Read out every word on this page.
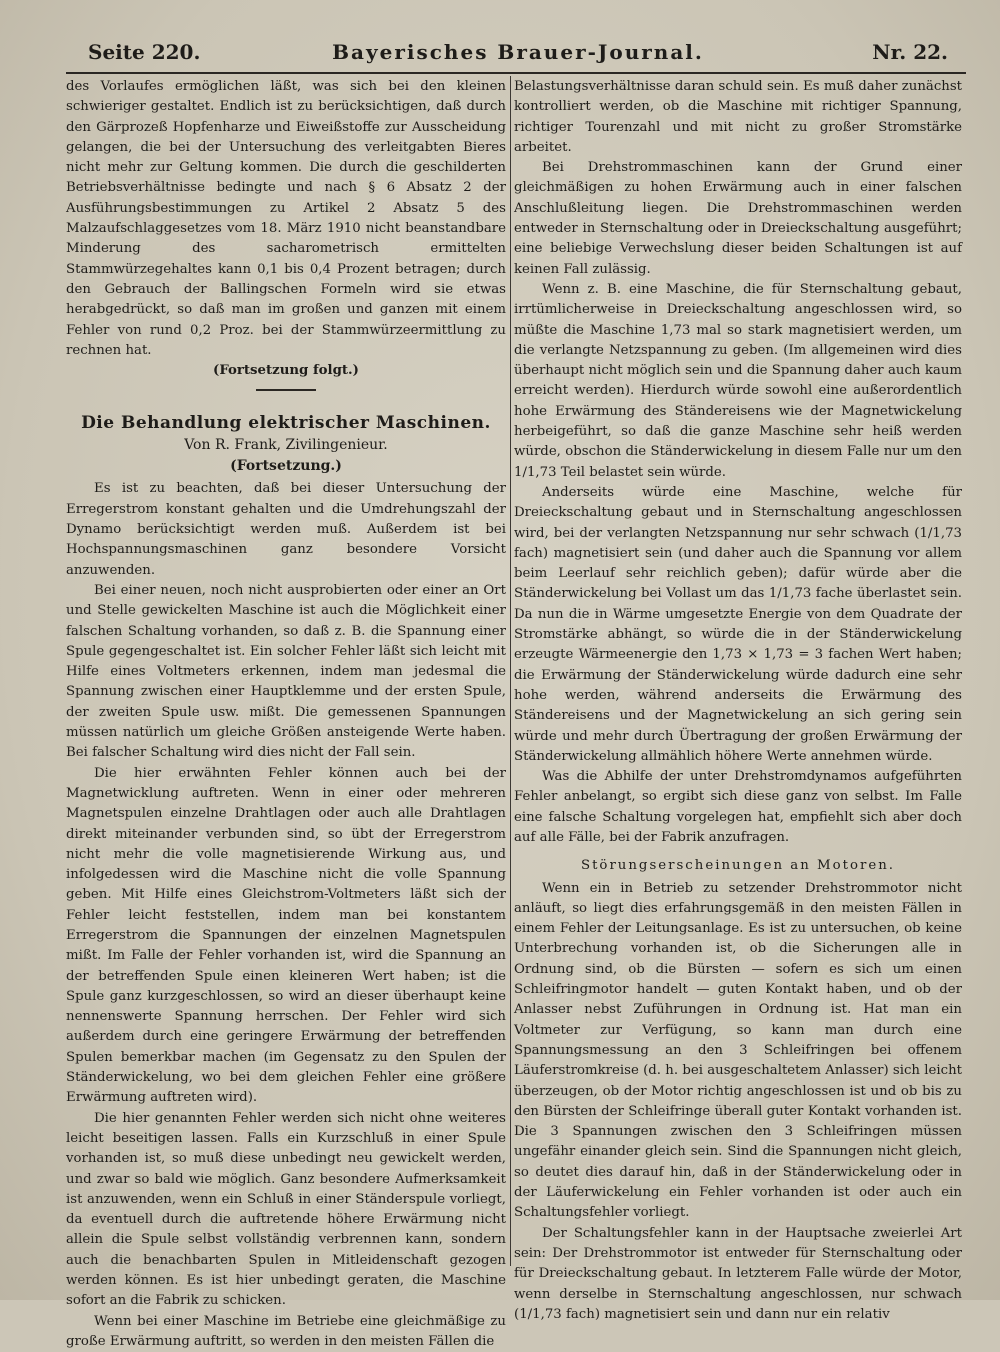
Seite 220.	Bayerisches Brauer-Journal.	Nr. 22.

des Vorlaufes ermöglichen läßt, was sich bei den kleinen schwieriger gestaltet. Endlich ist zu berücksichtigen, daß durch den Gärprozeß Hopfenharze und Eiweißstoffe zur Ausscheidung gelangen, die bei der Untersuchung des verleitgabten Bieres nicht mehr zur Geltung kommen. Die durch die geschilderten Betriebsverhältnisse bedingte und nach § 6 Absatz 2 der Ausführungsbestimmungen zu Artikel 2 Absatz 5 des Malzaufschlaggesetzes vom 18. März 1910 nicht beanstandbare Minderung des sacharometrisch ermittelten Stammwürzegehaltes kann 0,1 bis 0,4 Prozent betragen; durch den Gebrauch der Ballingschen Formeln wird sie etwas herabgedrückt, so daß man im großen und ganzen mit einem Fehler von rund 0,2 Proz. bei der Stammwürzeermittlung zu rechnen hat.

(Fortsetzung folgt.)
Die Behandlung elektrischer Maschinen.
Von R. Frank, Zivilingenieur.
(Fortsetzung.)

Es ist zu beachten, daß bei dieser Untersuchung der Erregerstrom konstant gehalten und die Umdrehungszahl der Dynamo berücksichtigt werden muß. Außerdem ist bei Hochspannungsmaschinen ganz besondere Vorsicht anzuwenden.

Bei einer neuen, noch nicht ausprobierten oder einer an Ort und Stelle gewickelten Maschine ist auch die Möglichkeit einer falschen Schaltung vorhanden, so daß z. B. die Spannung einer Spule gegengeschaltet ist. Ein solcher Fehler läßt sich leicht mit Hilfe eines Voltmeters erkennen, indem man jedesmal die Spannung zwischen einer Hauptklemme und der ersten Spule, der zweiten Spule usw. mißt. Die gemessenen Spannungen müssen natürlich um gleiche Größen ansteigende Werte haben. Bei falscher Schaltung wird dies nicht der Fall sein.

Die hier erwähnten Fehler können auch bei der Magnetwicklung auftreten. Wenn in einer oder mehreren Magnetspulen einzelne Drahtlagen oder auch alle Drahtlagen direkt miteinander verbunden sind, so übt der Erregerstrom nicht mehr die volle magnetisierende Wirkung aus, und infolgedessen wird die Maschine nicht die volle Spannung geben. Mit Hilfe eines Gleichstrom-Voltmeters läßt sich der Fehler leicht feststellen, indem man bei konstantem Erregerstrom die Spannungen der einzelnen Magnetspulen mißt. Im Falle der Fehler vorhanden ist, wird die Spannung an der betreffenden Spule einen kleineren Wert haben; ist die Spule ganz kurzgeschlossen, so wird an dieser überhaupt keine nennenswerte Spannung herrschen. Der Fehler wird sich außerdem durch eine geringere Erwärmung der betreffenden Spulen bemerkbar machen (im Gegensatz zu den Spulen der Ständerwickelung, wo bei dem gleichen Fehler eine größere Erwärmung auftreten wird).

Die hier genannten Fehler werden sich nicht ohne weiteres leicht beseitigen lassen. Falls ein Kurzschluß in einer Spule vorhanden ist, so muß diese unbedingt neu gewickelt werden, und zwar so bald wie möglich. Ganz besondere Aufmerksamkeit ist anzuwenden, wenn ein Schluß in einer Ständerspule vorliegt, da eventuell durch die auftretende höhere Erwärmung nicht allein die Spule selbst vollständig verbrennen kann, sondern auch die benachbarten Spulen in Mitleidenschaft gezogen werden können. Es ist hier unbedingt geraten, die Maschine sofort an die Fabrik zu schicken.

Wenn bei einer Maschine im Betriebe eine gleichmäßige zu große Erwärmung auftritt, so werden in den meisten Fällen die

Belastungsverhältnisse daran schuld sein. Es muß daher zunächst kontrolliert werden, ob die Maschine mit richtiger Spannung, richtiger Tourenzahl und mit nicht zu großer Stromstärke arbeitet.

Bei Drehstrommaschinen kann der Grund einer gleichmäßigen zu hohen Erwärmung auch in einer falschen Anschlußleitung liegen. Die Drehstrommaschinen werden entweder in Sternschaltung oder in Dreieckschaltung ausgeführt; eine beliebige Verwechslung dieser beiden Schaltungen ist auf keinen Fall zulässig.

Wenn z. B. eine Maschine, die für Sternschaltung gebaut, irrtümlicherweise in Dreieckschaltung angeschlossen wird, so müßte die Maschine 1,73 mal so stark magnetisiert werden, um die verlangte Netzspannung zu geben. (Im allgemeinen wird dies überhaupt nicht möglich sein und die Spannung daher auch kaum erreicht werden). Hierdurch würde sowohl eine außerordentlich hohe Erwärmung des Ständereisens wie der Magnetwickelung herbeigeführt, so daß die ganze Maschine sehr heiß werden würde, obschon die Ständerwickelung in diesem Falle nur um den 1/1,73 Teil belastet sein würde.

Anderseits würde eine Maschine, welche für Dreieckschaltung gebaut und in Sternschaltung angeschlossen wird, bei der verlangten Netzspannung nur sehr schwach (1/1,73 fach) magnetisiert sein (und daher auch die Spannung vor allem beim Leerlauf sehr reichlich geben); dafür würde aber die Ständerwickelung bei Vollast um das 1/1,73 fache überlastet sein. Da nun die in Wärme umgesetzte Energie von dem Quadrate der Stromstärke abhängt, so würde die in der Ständerwickelung erzeugte Wärmeenergie den 1,73 × 1,73 = 3 fachen Wert haben; die Erwärmung der Ständerwickelung würde dadurch eine sehr hohe werden, während anderseits die Erwärmung des Ständereisens und der Magnetwickelung an sich gering sein würde und mehr durch Übertragung der großen Erwärmung der Ständerwickelung allmählich höhere Werte annehmen würde.

Was die Abhilfe der unter Drehstromdynamos aufgeführten Fehler anbelangt, so ergibt sich diese ganz von selbst. Im Falle eine falsche Schaltung vorgelegen hat, empfiehlt sich aber doch auf alle Fälle, bei der Fabrik anzufragen.

Störungserscheinungen an Motoren.

Wenn ein in Betrieb zu setzender Drehstrommotor nicht anläuft, so liegt dies erfahrungsgemäß in den meisten Fällen in einem Fehler der Leitungsanlage. Es ist zu untersuchen, ob keine Unterbrechung vorhanden ist, ob die Sicherungen alle in Ordnung sind, ob die Bürsten — sofern es sich um einen Schleifringmotor handelt — guten Kontakt haben, und ob der Anlasser nebst Zuführungen in Ordnung ist. Hat man ein Voltmeter zur Verfügung, so kann man durch eine Spannungsmessung an den 3 Schleifringen bei offenem Läuferstromkreise (d. h. bei ausgeschaltetem Anlasser) sich leicht überzeugen, ob der Motor richtig angeschlossen ist und ob bis zu den Bürsten der Schleifringe überall guter Kontakt vorhanden ist. Die 3 Spannungen zwischen den 3 Schleifringen müssen ungefähr einander gleich sein. Sind die Spannungen nicht gleich, so deutet dies darauf hin, daß in der Ständerwickelung oder in der Läuferwickelung ein Fehler vorhanden ist oder auch ein Schaltungsfehler vorliegt.

Der Schaltungsfehler kann in der Hauptsache zweierlei Art sein: Der Drehstrommotor ist entweder für Sternschaltung oder für Dreieckschaltung gebaut. In letzterem Falle würde der Motor, wenn derselbe in Sternschaltung angeschlossen, nur schwach (1/1,73 fach) magnetisiert sein und dann nur ein relativ
